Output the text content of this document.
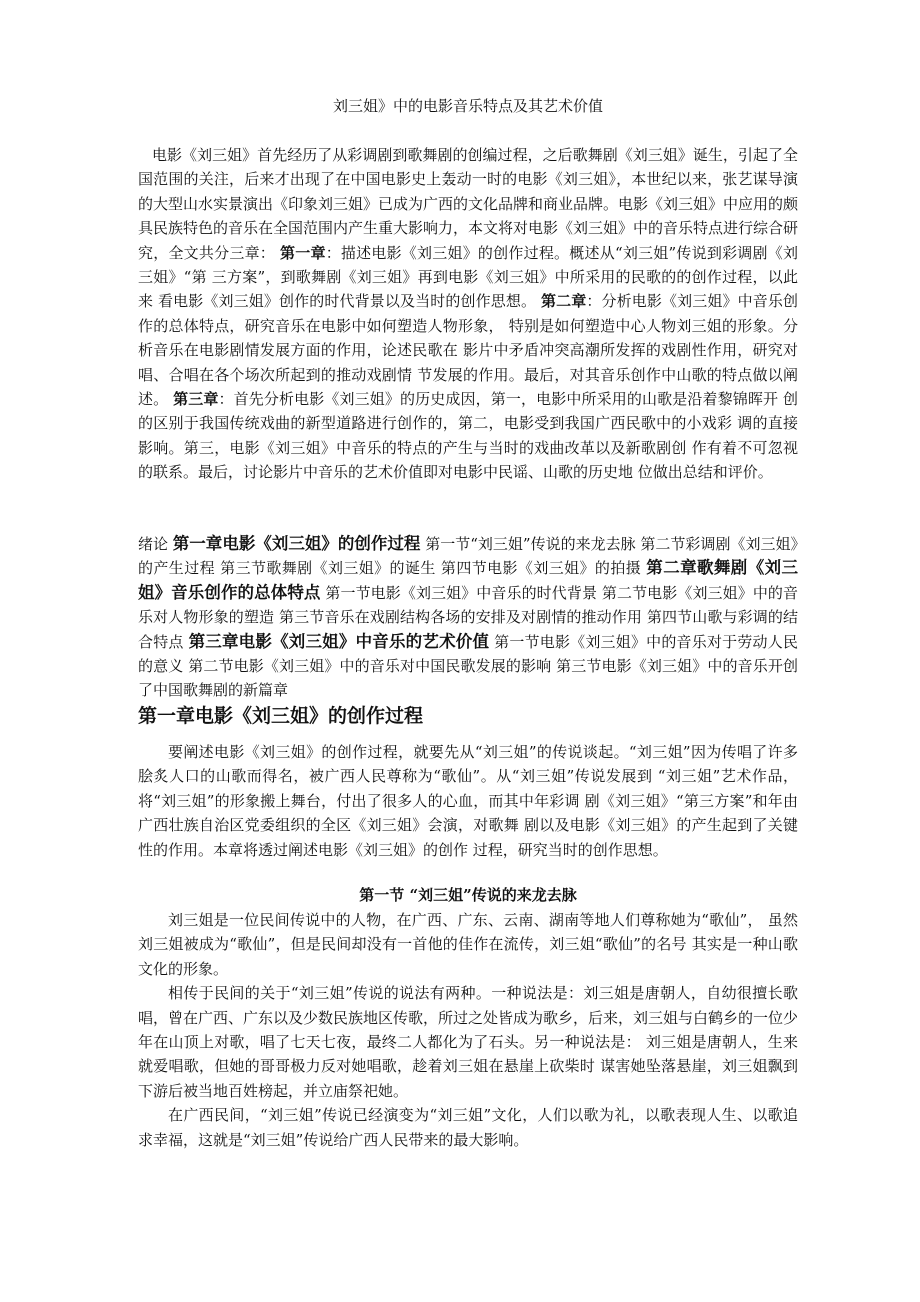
刘三姐》中的电影音乐特点及其艺术价值

电影《刘三姐》首先经历了从彩调剧到歌舞剧的创编过程，之后歌舞剧《刘三姐》诞生，引起了全国范围的关注，后来才出现了在中国电影史上轰动一时的电影《刘三姐》，本世纪以来，张艺谋导演的大型山水实景演出《印象刘三姐》已成为广西的文化品牌和商业品牌。电影《刘三姐》中应用的颇具民族特色的音乐在全国范围内产生重大影响力，本文将对电影《刘三姐》中的音乐特点进行综合研究，全文共分三章： 第一章：描述电影《刘三姐》的创作过程。概述从“刘三姐”传说到彩调剧《刘三姐》“第 三方案”，到歌舞剧《刘三姐》再到电影《刘三姐》中所采用的民歌的的创作过程，以此来 看电影《刘三姐》创作的时代背景以及当时的创作思想。 第二章：分析电影《刘三姐》中音乐创作的总体特点，研究音乐在电影中如何塑造人物形象， 特别是如何塑造中心人物刘三姐的形象。分析音乐在电影剧情发展方面的作用，论述民歌在 影片中矛盾冲突高潮所发挥的戏剧性作用，研究对唱、合唱在各个场次所起到的推动戏剧情 节发展的作用。最后，对其音乐创作中山歌的特点做以阐述。 第三章：首先分析电影《刘三姐》的历史成因，第一，电影中所采用的山歌是沿着黎锦晖开 创的区别于我国传统戏曲的新型道路进行创作的，第二，电影受到我国广西民歌中的小戏彩 调的直接影响。第三，电影《刘三姐》中音乐的特点的产生与当时的戏曲改革以及新歌剧创 作有着不可忽视的联系。最后，讨论影片中音乐的艺术价值即对电影中民谣、山歌的历史地 位做出总结和评价。

绪论 第一章电影《刘三姐》的创作过程 第一节“刘三姐”传说的来龙去脉 第二节彩调剧《刘三姐》的产生过程 第三节歌舞剧《刘三姐》的诞生 第四节电影《刘三姐》的拍摄 第二章歌舞剧《刘三姐》音乐创作的总体特点 第一节电影《刘三姐》中音乐的时代背景 第二节电影《刘三姐》中的音乐对人物形象的塑造 第三节音乐在戏剧结构各场的安排及对剧情的推动作用 第四节山歌与彩调的结合特点 第三章电影《刘三姐》中音乐的艺术价值 第一节电影《刘三姐》中的音乐对于劳动人民的意义 第二节电影《刘三姐》中的音乐对中国民歌发展的影响 第三节电影《刘三姐》中的音乐开创了中国歌舞剧的新篇章

第一章电影《刘三姐》的创作过程

要阐述电影《刘三姐》的创作过程，就要先从“刘三姐”的传说谈起。“刘三姐”因为传唱了许多脍炙人口的山歌而得名，被广西人民尊称为“歌仙”。从“刘三姐”传说发展到 “刘三姐”艺术作品，将“刘三姐”的形象搬上舞台，付出了很多人的心血，而其中年彩调 剧《刘三姐》“第三方案”和年由广西壮族自治区党委组织的全区《刘三姐》会演，对歌舞 剧以及电影《刘三姐》的产生起到了关键性的作用。本章将透过阐述电影《刘三姐》的创作 过程，研究当时的创作思想。

第一节 “刘三姐”传说的来龙去脉

刘三姐是一位民间传说中的人物，在广西、广东、云南、湖南等地人们尊称她为“歌仙”， 虽然刘三姐被成为“歌仙”，但是民间却没有一首他的佳作在流传，刘三姐“歌仙”的名号 其实是一种山歌文化的形象。

相传于民间的关于“刘三姐”传说的说法有两种。一种说法是：刘三姐是唐朝人，自幼很擅长歌唱，曾在广西、广东以及少数民族地区传歌，所过之处皆成为歌乡，后来，刘三姐与白鹤乡的一位少年在山顶上对歌，唱了七天七夜，最终二人都化为了石头。另一种说法是： 刘三姐是唐朝人，生来就爱唱歌，但她的哥哥极力反对她唱歌，趁着刘三姐在悬崖上砍柴时 谋害她坠落悬崖，刘三姐飘到下游后被当地百姓榜起，并立庙祭祀她。

在广西民间，“刘三姐”传说已经演变为“刘三姐”文化，人们以歌为礼，以歌表现人生、以歌追求幸福，这就是“刘三姐”传说给广西人民带来的最大影响。
